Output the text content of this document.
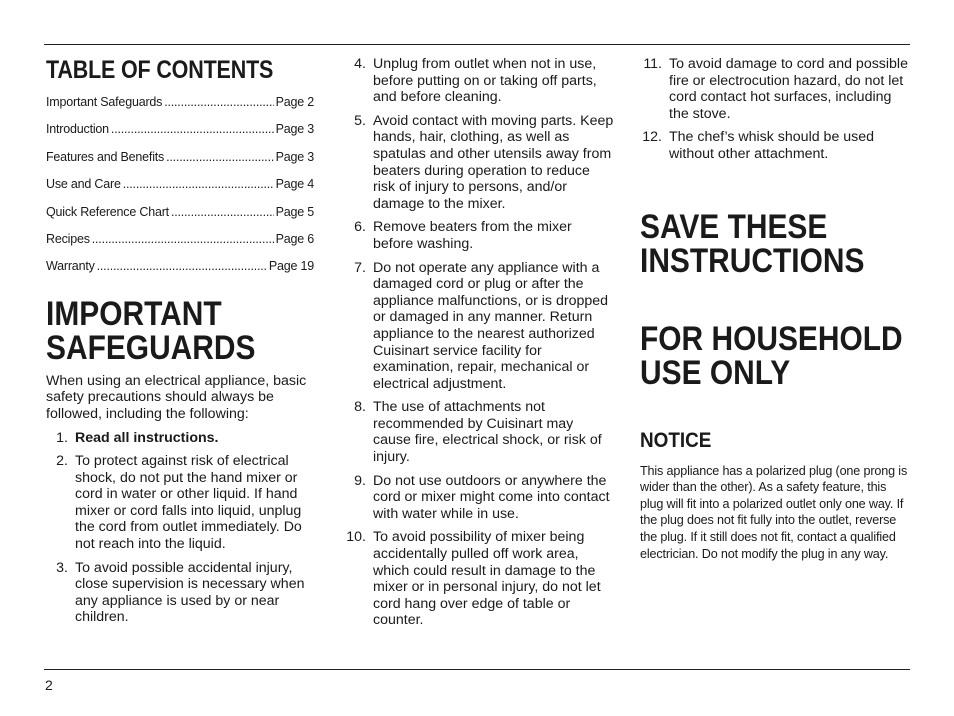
TABLE OF CONTENTS
Important Safeguards .....	Page 2
Introduction .....	Page 3
Features and Benefits .....	Page 3
Use and Care .....	Page 4
Quick Reference Chart .....	Page 5
Recipes .....	Page 6
Warranty .....	Page 19
IMPORTANT
SAFEGUARDS
When using an electrical appliance, basic safety precautions should always be followed, including the following:
1. Read all instructions.
2. To protect against risk of electrical shock, do not put the hand mixer or cord in water or other liquid. If hand mixer or cord falls into liquid, unplug the cord from outlet immediately. Do not reach into the liquid.
3. To avoid possible accidental injury, close supervision is necessary when any appliance is used by or near children.
4. Unplug from outlet when not in use, before putting on or taking off parts, and before cleaning.
5. Avoid contact with moving parts. Keep hands, hair, clothing, as well as spatulas and other utensils away from beaters during operation to reduce risk of injury to persons, and/or damage to the mixer.
6. Remove beaters from the mixer before washing.
7. Do not operate any appliance with a damaged cord or plug or after the appliance malfunctions, or is dropped or damaged in any manner. Return appliance to the nearest authorized Cuisinart service facility for examination, repair, mechanical or electrical adjustment.
8. The use of attachments not recommended by Cuisinart may cause fire, electrical shock, or risk of injury.
9. Do not use outdoors or anywhere the cord or mixer might come into contact with water while in use.
10. To avoid possibility of mixer being accidentally pulled off work area, which could result in damage to the mixer or in personal injury, do not let cord hang over edge of table or counter.
11. To avoid damage to cord and possible fire or electrocution hazard, do not let cord contact hot surfaces, including the stove.
12. The chef’s whisk should be used without other attachment.
SAVE THESE
INSTRUCTIONS
FOR HOUSEHOLD
USE ONLY
NOTICE
This appliance has a polarized plug (one prong is wider than the other). As a safety feature, this plug will fit into a polarized outlet only one way. If the plug does not fit fully into the outlet, reverse the plug. If it still does not fit, contact a qualified electrician. Do not modify the plug in any way.
2
